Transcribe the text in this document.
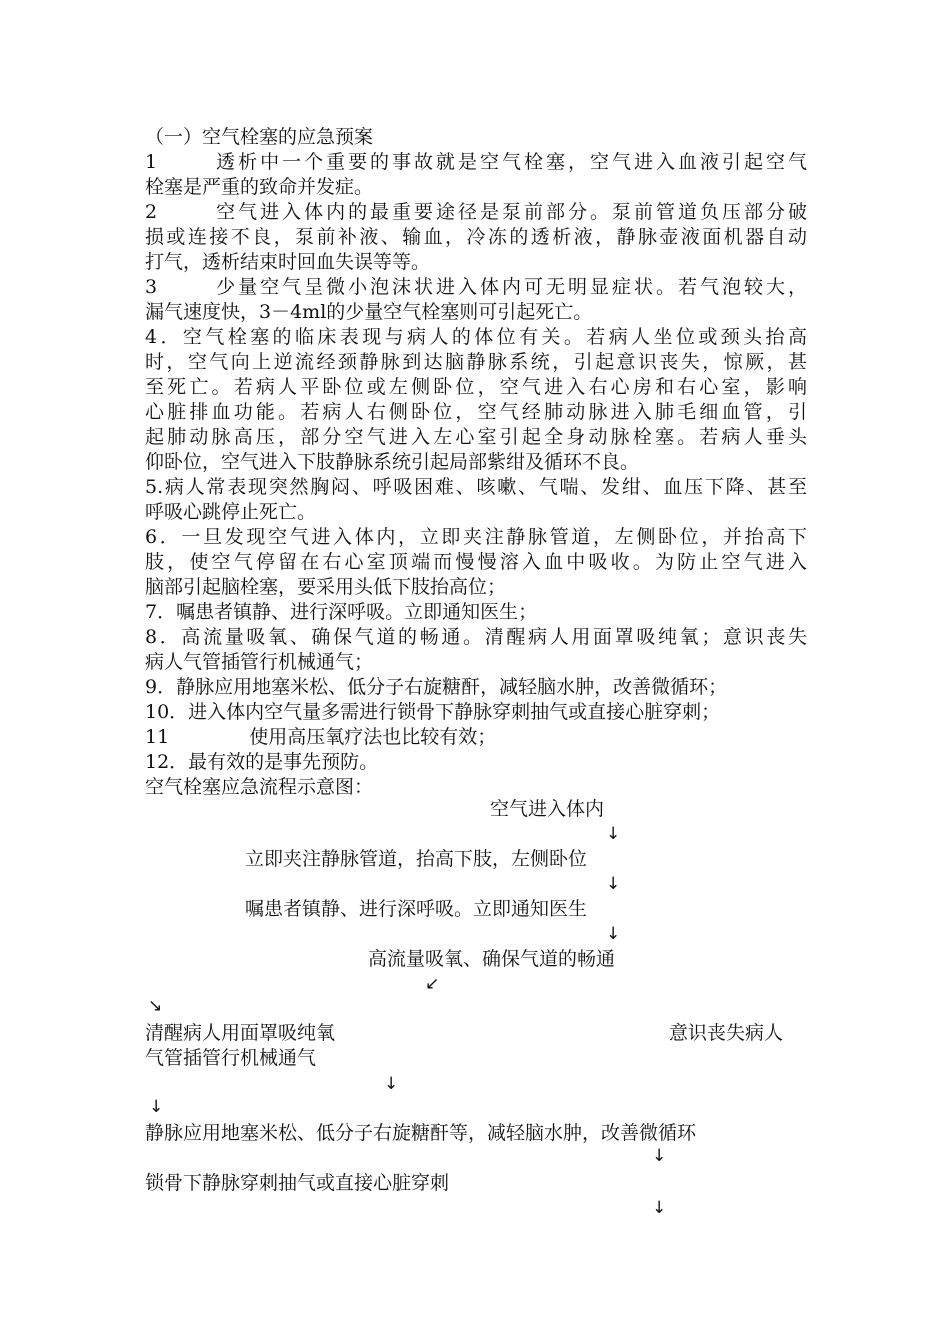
（一）空气栓塞的应急预案
1	透析中一个重要的事故就是空气栓塞，空气进入血液引起空气
栓塞是严重的致命并发症。
2	空气进入体内的最重要途径是泵前部分。泵前管道负压部分破
损或连接不良，泵前补液、输血，冷冻的透析液，静脉壶液面机器自动
打气，透析结束时回血失误等等。
3	少量空气呈微小泡沫状进入体内可无明显症状。若气泡较大，
漏气速度快，3－4ml的少量空气栓塞则可引起死亡。
4．空气栓塞的临床表现与病人的体位有关。若病人坐位或颈头抬高
时，空气向上逆流经颈静脉到达脑静脉系统，引起意识丧失，惊厥，甚
至死亡。若病人平卧位或左侧卧位，空气进入右心房和右心室，影响
心脏排血功能。若病人右侧卧位，空气经肺动脉进入肺毛细血管，引
起肺动脉高压，部分空气进入左心室引起全身动脉栓塞。若病人垂头
仰卧位，空气进入下肢静脉系统引起局部紫绀及循环不良。
5.病人常表现突然胸闷、呼吸困难、咳嗽、气喘、发绀、血压下降、甚至
呼吸心跳停止死亡。
6．一旦发现空气进入体内，立即夹注静脉管道，左侧卧位，并抬高下
肢，使空气停留在右心室顶端而慢慢溶入血中吸收。为防止空气进入
脑部引起脑栓塞，要采用头低下肢抬高位；
7．嘱患者镇静、进行深呼吸。立即通知医生；
8．高流量吸氧、确保气道的畅通。清醒病人用面罩吸纯氧；意识丧失
病人气管插管行机械通气；
9．静脉应用地塞米松、低分子右旋糖酐，减轻脑水肿，改善微循环；
10．进入体内空气量多需进行锁骨下静脉穿刺抽气或直接心脏穿刺；
11	使用高压氧疗法也比较有效；
12．最有效的是事先预防。
空气栓塞应急流程示意图：
空气进入体内
↓
立即夹注静脉管道，抬高下肢，左侧卧位
↓
嘱患者镇静、进行深呼吸。立即通知医生
↓
高流量吸氧、确保气道的畅通
↙
↘
清醒病人用面罩吸纯氧	意识丧失病人
气管插管行机械通气
↓
↓
静脉应用地塞米松、低分子右旋糖酐等，减轻脑水肿，改善微循环
↓
锁骨下静脉穿刺抽气或直接心脏穿刺
↓
